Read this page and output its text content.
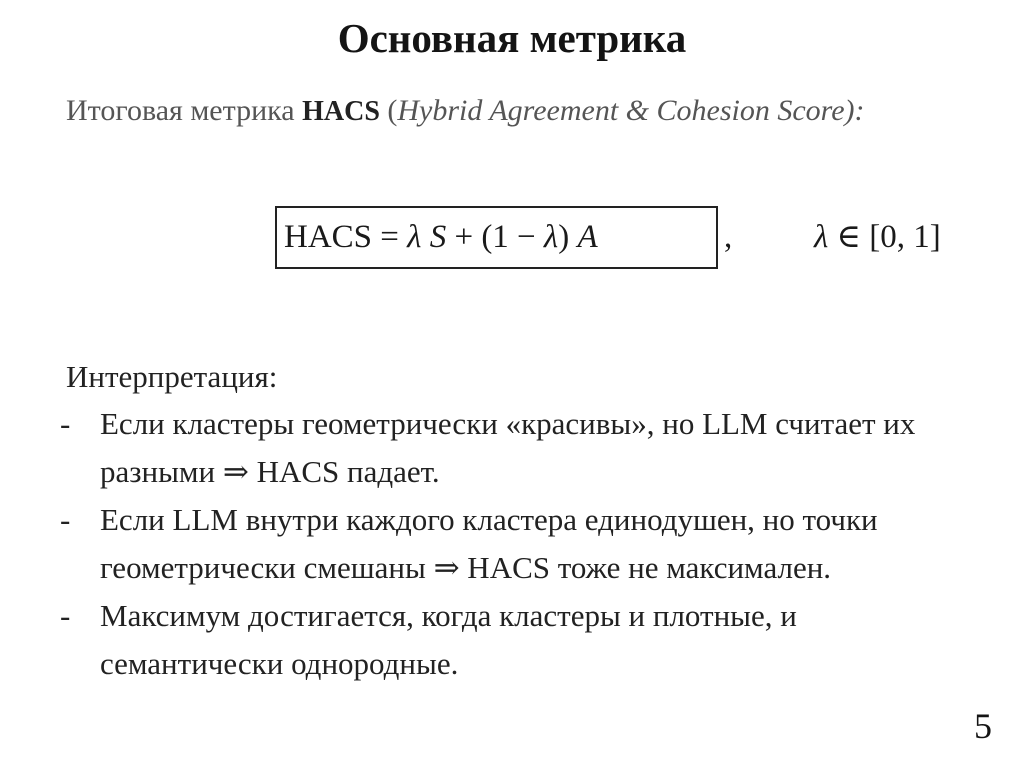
Основная метрика
Итоговая метрика HACS (Hybrid Agreement & Cohesion Score):
HACS = λ S + (1 − λ) A	, λ ∈ [0, 1]
Интерпретация:
- Если кластеры геометрически «красивы», но LLM считает их разными ⇒ HACS падает.
- Если LLM внутри каждого кластера единодушен, но точки геометрически смешаны ⇒ HACS тоже не максимален.
- Максимум достигается, когда кластеры и плотные, и семантически однородные.
5
